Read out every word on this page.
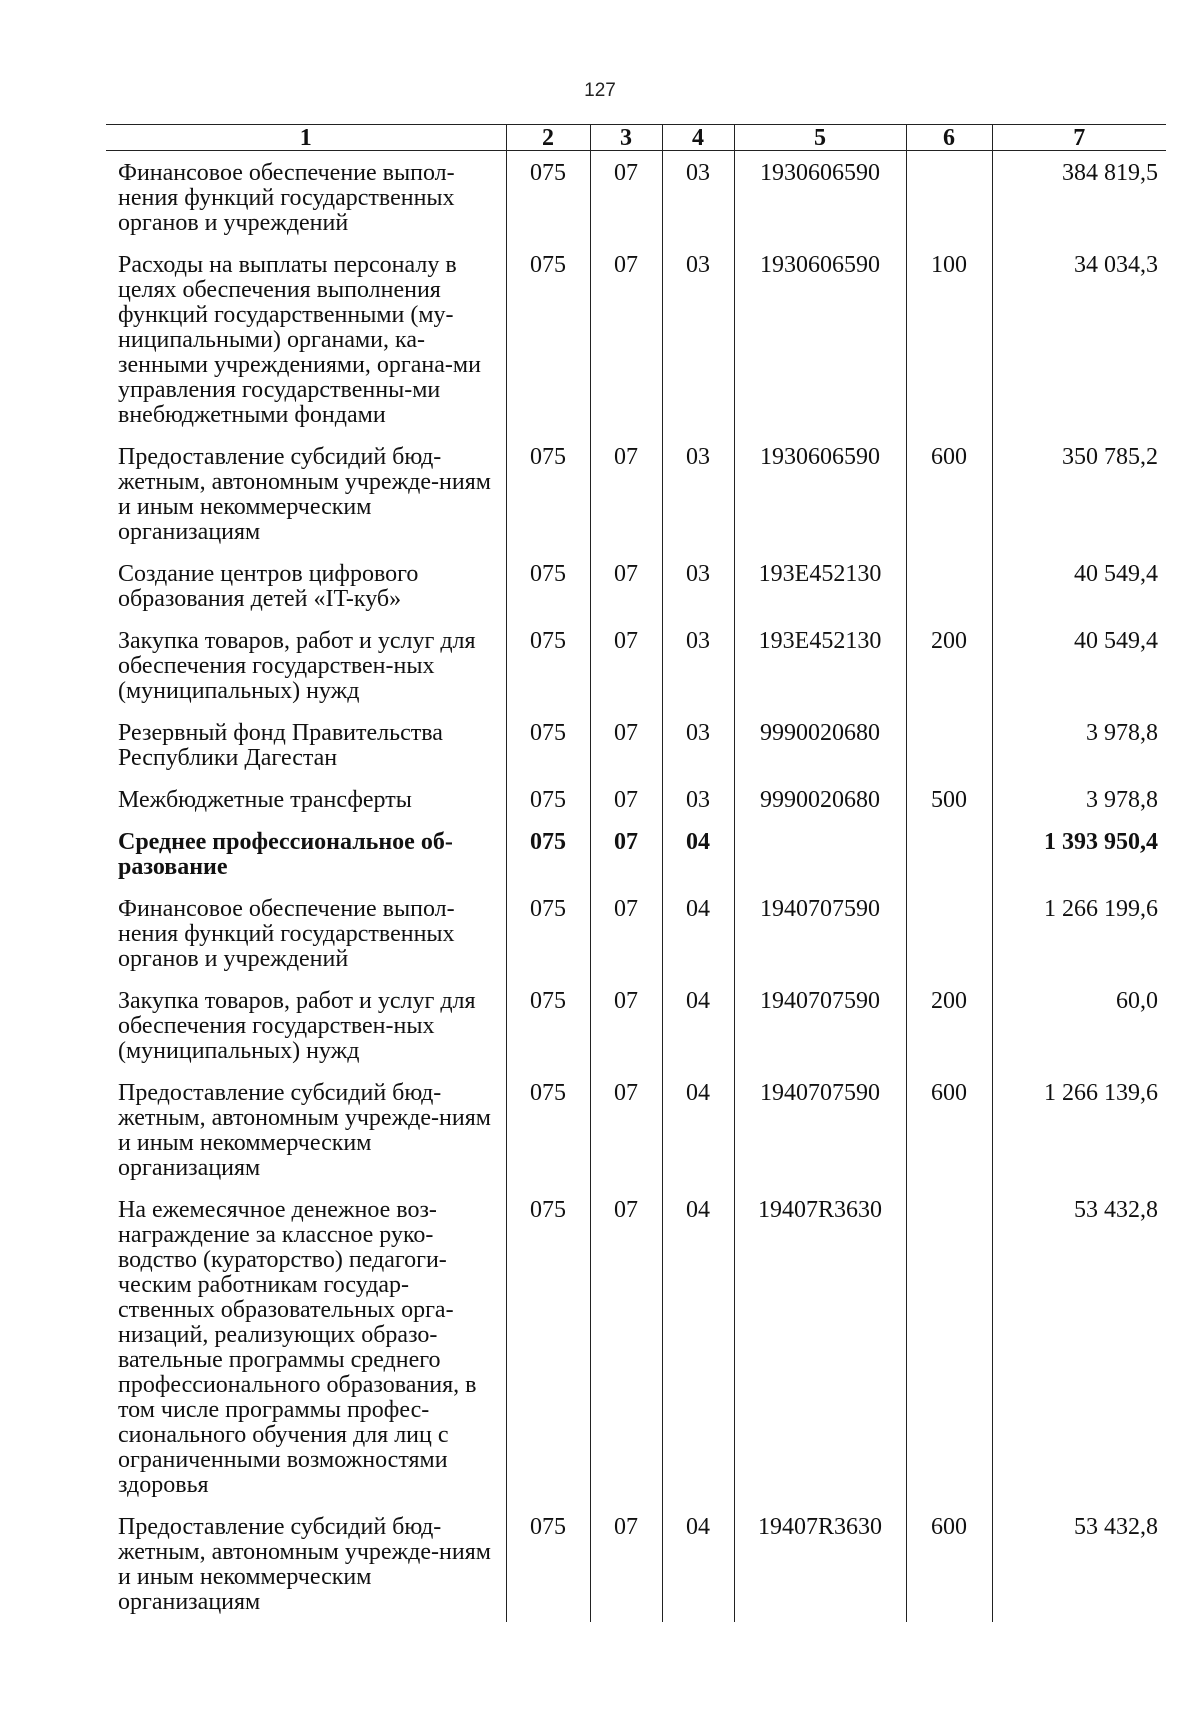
127
1	2	3	4	5	6	7
Финансовое обеспечение выпол-нения функций государственных органов и учреждений	075	07	03	1930606590		384 819,5
Расходы на выплаты персоналу в целях обеспечения выполнения функций государственными (му-ниципальными) органами, ка-зенными учреждениями, органа-ми управления государственны-ми внебюджетными фондами	075	07	03	1930606590	100	34 034,3
Предоставление субсидий бюд-жетным, автономным учрежде-ниям и иным некоммерческим организациям	075	07	03	1930606590	600	350 785,2
Создание центров цифрового образования детей «IT-куб»	075	07	03	193E452130		40 549,4
Закупка товаров, работ и услуг для обеспечения государствен-ных (муниципальных) нужд	075	07	03	193E452130	200	40 549,4
Резервный фонд Правительства Республики Дагестан	075	07	03	9990020680		3 978,8
Межбюджетные трансферты	075	07	03	9990020680	500	3 978,8
Среднее профессиональное об-разование	075	07	04			1 393 950,4
Финансовое обеспечение выпол-нения функций государственных органов и учреждений	075	07	04	1940707590		1 266 199,6
Закупка товаров, работ и услуг для обеспечения государствен-ных (муниципальных) нужд	075	07	04	1940707590	200	60,0
Предоставление субсидий бюд-жетным, автономным учрежде-ниям и иным некоммерческим организациям	075	07	04	1940707590	600	1 266 139,6
На ежемесячное денежное воз-награждение за классное руко-водство (кураторство) педагоги-ческим работникам государ-ственных образовательных орга-низаций, реализующих образо-вательные программы среднего профессионального образования, в том числе программы профес-сионального обучения для лиц с ограниченными возможностями здоровья	075	07	04	19407R3630		53 432,8
Предоставление субсидий бюд-жетным, автономным учрежде-ниям и иным некоммерческим организациям	075	07	04	19407R3630	600	53 432,8
